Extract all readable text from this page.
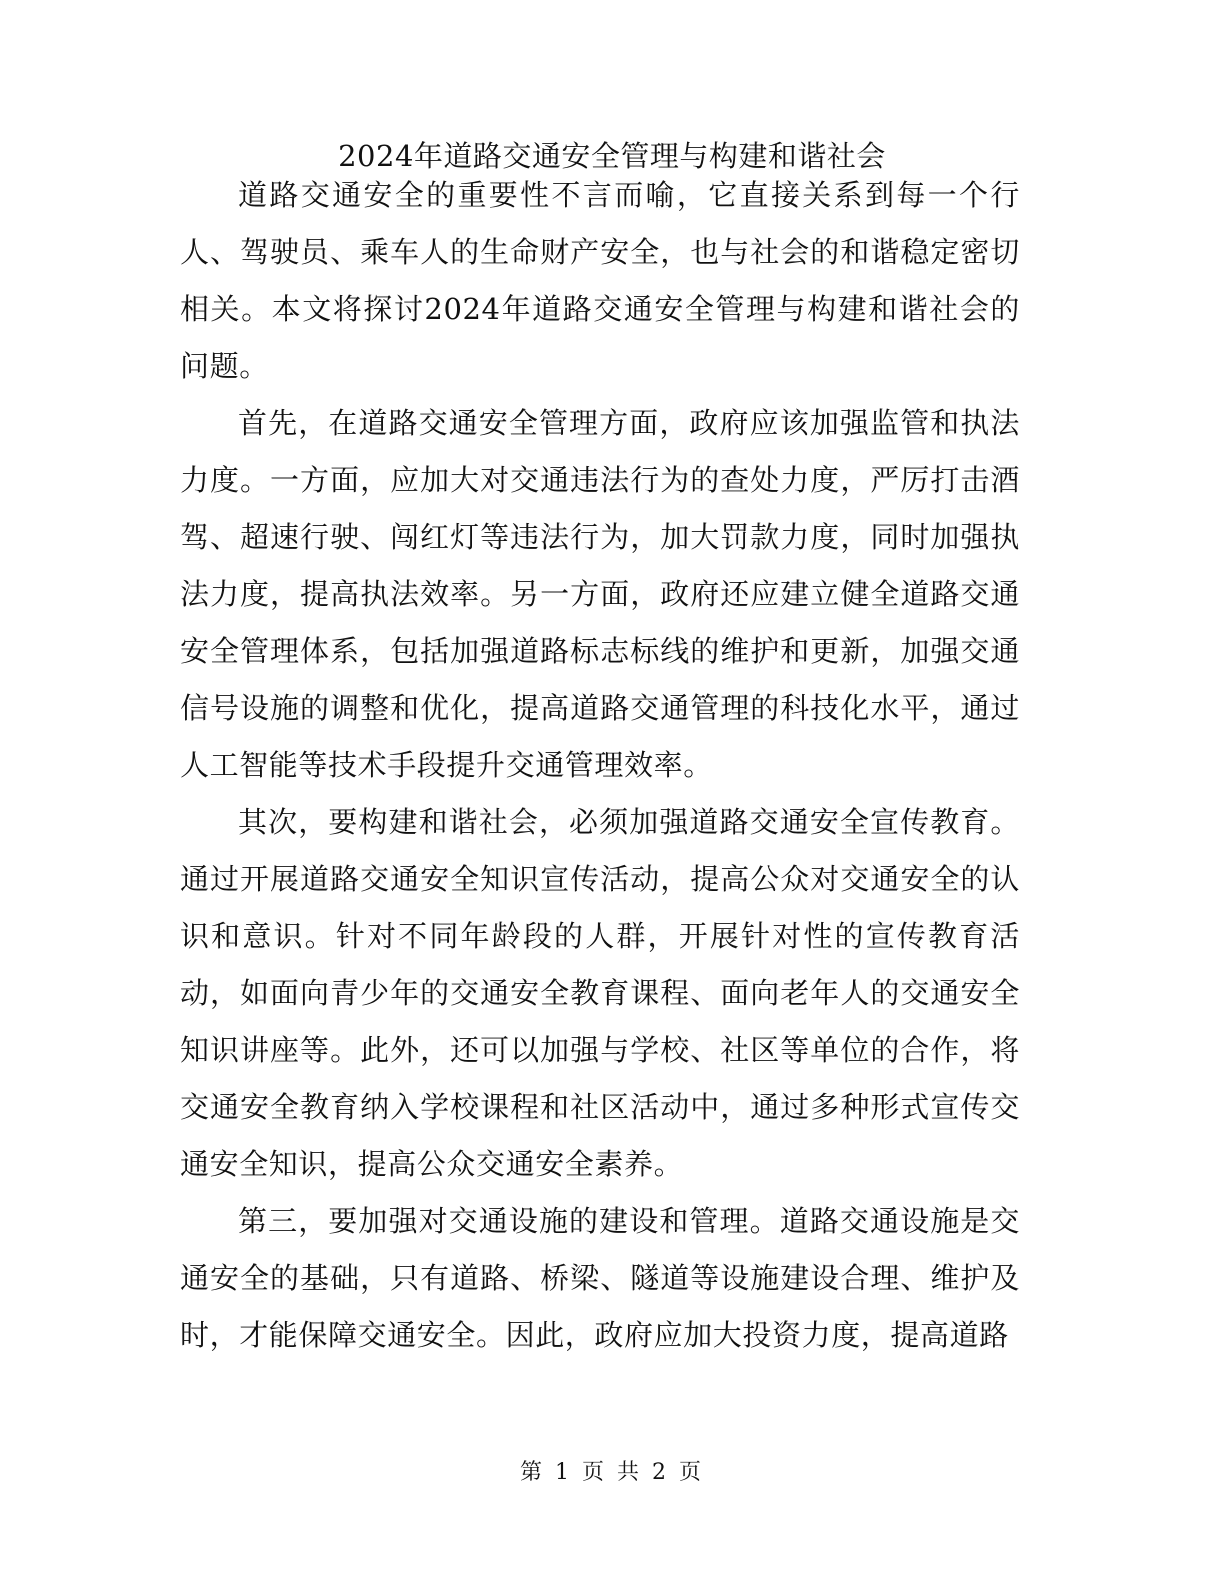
2024年道路交通安全管理与构建和谐社会

道路交通安全的重要性不言而喻，它直接关系到每一个行人、驾驶员、乘车人的生命财产安全，也与社会的和谐稳定密切相关。本文将探讨2024年道路交通安全管理与构建和谐社会的问题。

首先，在道路交通安全管理方面，政府应该加强监管和执法力度。一方面，应加大对交通违法行为的查处力度，严厉打击酒驾、超速行驶、闯红灯等违法行为，加大罚款力度，同时加强执法力度，提高执法效率。另一方面，政府还应建立健全道路交通安全管理体系，包括加强道路标志标线的维护和更新，加强交通信号设施的调整和优化，提高道路交通管理的科技化水平，通过人工智能等技术手段提升交通管理效率。

其次，要构建和谐社会，必须加强道路交通安全宣传教育。通过开展道路交通安全知识宣传活动，提高公众对交通安全的认识和意识。针对不同年龄段的人群，开展针对性的宣传教育活动，如面向青少年的交通安全教育课程、面向老年人的交通安全知识讲座等。此外，还可以加强与学校、社区等单位的合作，将交通安全教育纳入学校课程和社区活动中，通过多种形式宣传交通安全知识，提高公众交通安全素养。

第三，要加强对交通设施的建设和管理。道路交通设施是交通安全的基础，只有道路、桥梁、隧道等设施建设合理、维护及时，才能保障交通安全。因此，政府应加大投资力度，提高道路

第 1 页 共 2 页
